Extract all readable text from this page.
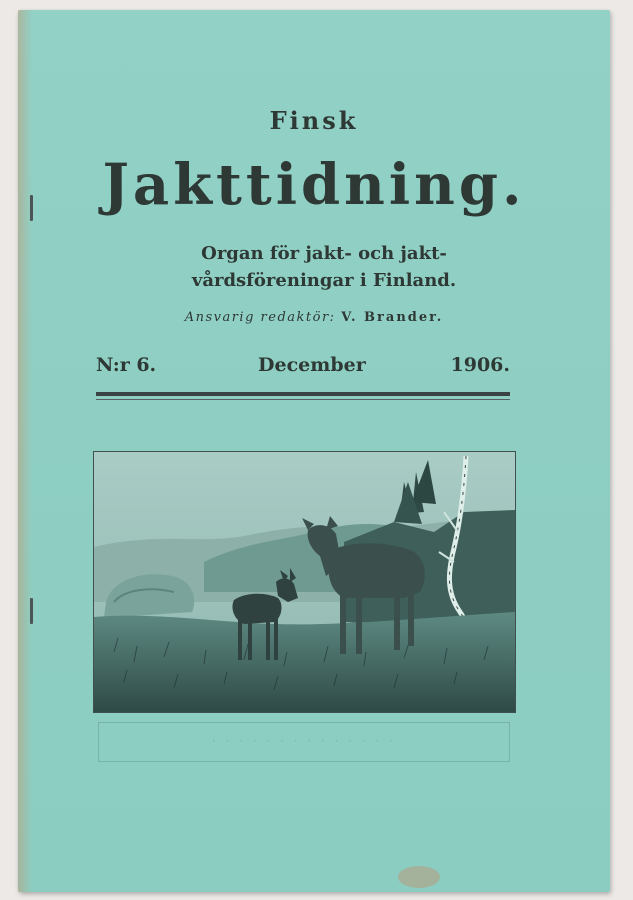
Finsk
Jakttidning.
Organ för jakt- och jakt-
vårdsföreningar i Finland.
Ansvarig redaktör: V. Brander.
N:r 6.	December	1906.
· · · · · · · · · · · · · ·
